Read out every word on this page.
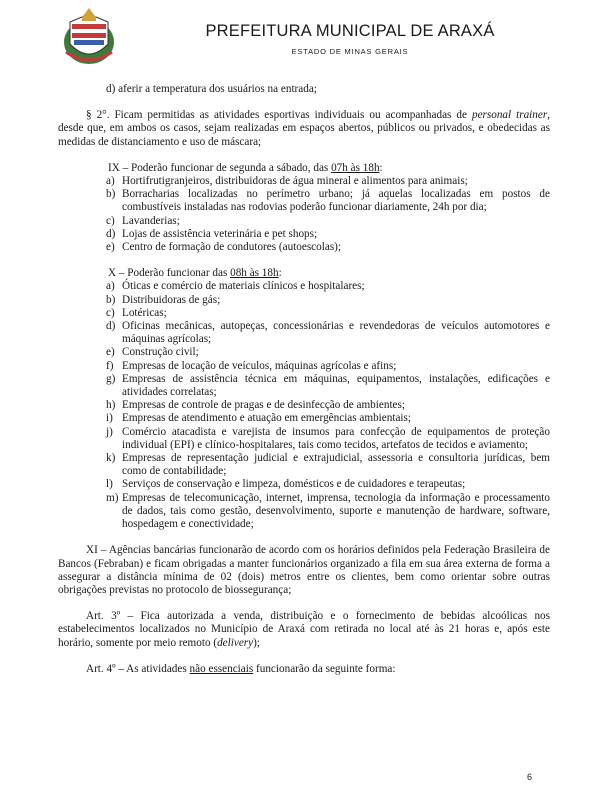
PREFEITURA MUNICIPAL DE ARAXÁ
ESTADO DE MINAS GERAIS

d) aferir a temperatura dos usuários na entrada;

§ 2°. Ficam permitidas as atividades esportivas individuais ou acompanhadas de personal trainer, desde que, em ambos os casos, sejam realizadas em espaços abertos, públicos ou privados, e obedecidas as medidas de distanciamento e uso de máscara;

IX – Poderão funcionar de segunda a sábado, das 07h às 18h:

a) Hortifrutigranjeiros, distribuidoras de água mineral e alimentos para animais;
b) Borracharias localizadas no perímetro urbano; já aquelas localizadas em postos de combustíveis instaladas nas rodovias poderão funcionar diariamente, 24h por dia;
c) Lavanderias;
d) Lojas de assistência veterinária e pet shops;
e) Centro de formação de condutores (autoescolas);

X – Poderão funcionar das 08h às 18h:

a) Óticas e comércio de materiais clínicos e hospitalares;
b) Distribuidoras de gás;
c) Lotéricas;
d) Oficinas mecânicas, autopeças, concessionárias e revendedoras de veículos automotores e máquinas agrícolas;
e) Construção civil;
f) Empresas de locação de veículos, máquinas agrícolas e afins;
g) Empresas de assistência técnica em máquinas, equipamentos, instalações, edificações e atividades correlatas;
h) Empresas de controle de pragas e de desinfecção de ambientes;
i) Empresas de atendimento e atuação em emergências ambientais;
j) Comércio atacadista e varejista de insumos para confecção de equipamentos de proteção individual (EPI) e clínico-hospitalares, tais como tecidos, artefatos de tecidos e aviamento;
k) Empresas de representação judicial e extrajudicial, assessoria e consultoria jurídicas, bem como de contabilidade;
l) Serviços de conservação e limpeza, domésticos e de cuidadores e terapeutas;
m) Empresas de telecomunicação, internet, imprensa, tecnologia da informação e processamento de dados, tais como gestão, desenvolvimento, suporte e manutenção de hardware, software, hospedagem e conectividade;

XI – Agências bancárias funcionarão de acordo com os horários definidos pela Federação Brasileira de Bancos (Febraban) e ficam obrigadas a manter funcionários organizado a fila em sua área externa de forma a assegurar a distância mínima de 02 (dois) metros entre os clientes, bem como orientar sobre outras obrigações previstas no protocolo de biossegurança;

Art. 3º – Fica autorizada a venda, distribuição e o fornecimento de bebidas alcoólicas nos estabelecimentos localizados no Município de Araxá com retirada no local até às 21 horas e, após este horário, somente por meio remoto (delivery);

Art. 4º – As atividades não essenciais funcionarão da seguinte forma:

6
